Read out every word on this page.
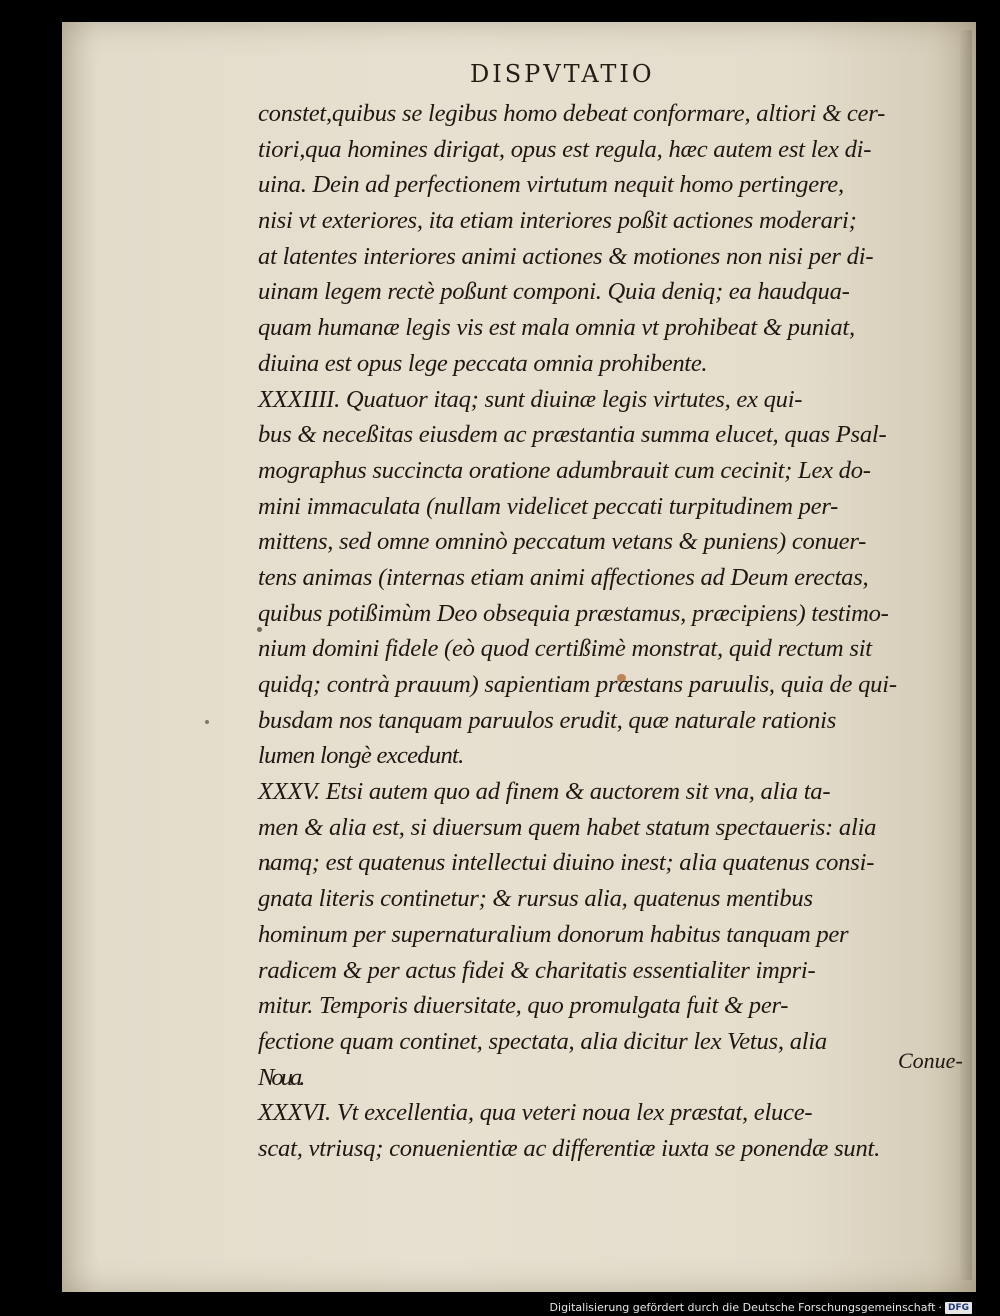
DISPVTATIO
constet,quibus se legibus homo debeat conformare, altiori & cer-
tiori,qua homines dirigat, opus est regula, hæc autem est lex di-
uina. Dein ad perfectionem virtutum nequit homo pertingere,
nisi vt exteriores, ita etiam interiores poßit actiones moderari;
at latentes interiores animi actiones & motiones non nisi per di-
uinam legem rectè poßunt componi. Quia deniq; ea haudqua-
quam humanæ legis vis est mala omnia vt prohibeat & puniat,
diuina est opus lege peccata omnia prohibente.
XXXIIII. Quatuor itaq; sunt diuinæ legis virtutes, ex qui-
bus & neceßitas eiusdem ac præstantia summa elucet, quas Psal-
mographus succincta oratione adumbrauit cum cecinit; Lex do-
mini immaculata (nullam videlicet peccati turpitudinem per-
mittens, sed omne omninò peccatum vetans & puniens) conuer-
tens animas (internas etiam animi affectiones ad Deum erectas,
quibus potißimùm Deo obsequia præstamus, præcipiens) testimo-
nium domini fidele (eò quod certißimè monstrat, quid rectum sit
quidq; contrà prauum) sapientiam præstans paruulis, quia de qui-
busdam nos tanquam paruulos erudit, quæ naturale rationis
lumen longè excedunt.
XXXV. Etsi autem quo ad finem & auctorem sit vna, alia ta-
men & alia est, si diuersum quem habet statum spectaueris: alia
namq; est quatenus intellectui diuino inest; alia quatenus consi-
gnata literis continetur; & rursus alia, quatenus mentibus
hominum per supernaturalium donorum habitus tanquam per
radicem & per actus fidei & charitatis essentialiter impri-
mitur. Temporis diuersitate, quo promulgata fuit & per-
fectione quam continet, spectata, alia dicitur lex Vetus, alia
Noua.
XXXVI. Vt excellentia, qua veteri noua lex præstat, eluce-
scat, vtriusq; conuenientiæ ac differentiæ iuxta se ponendæ sunt.
Conue-
Digitalisierung gefördert durch die Deutsche Forschungsgemeinschaft · DFG
